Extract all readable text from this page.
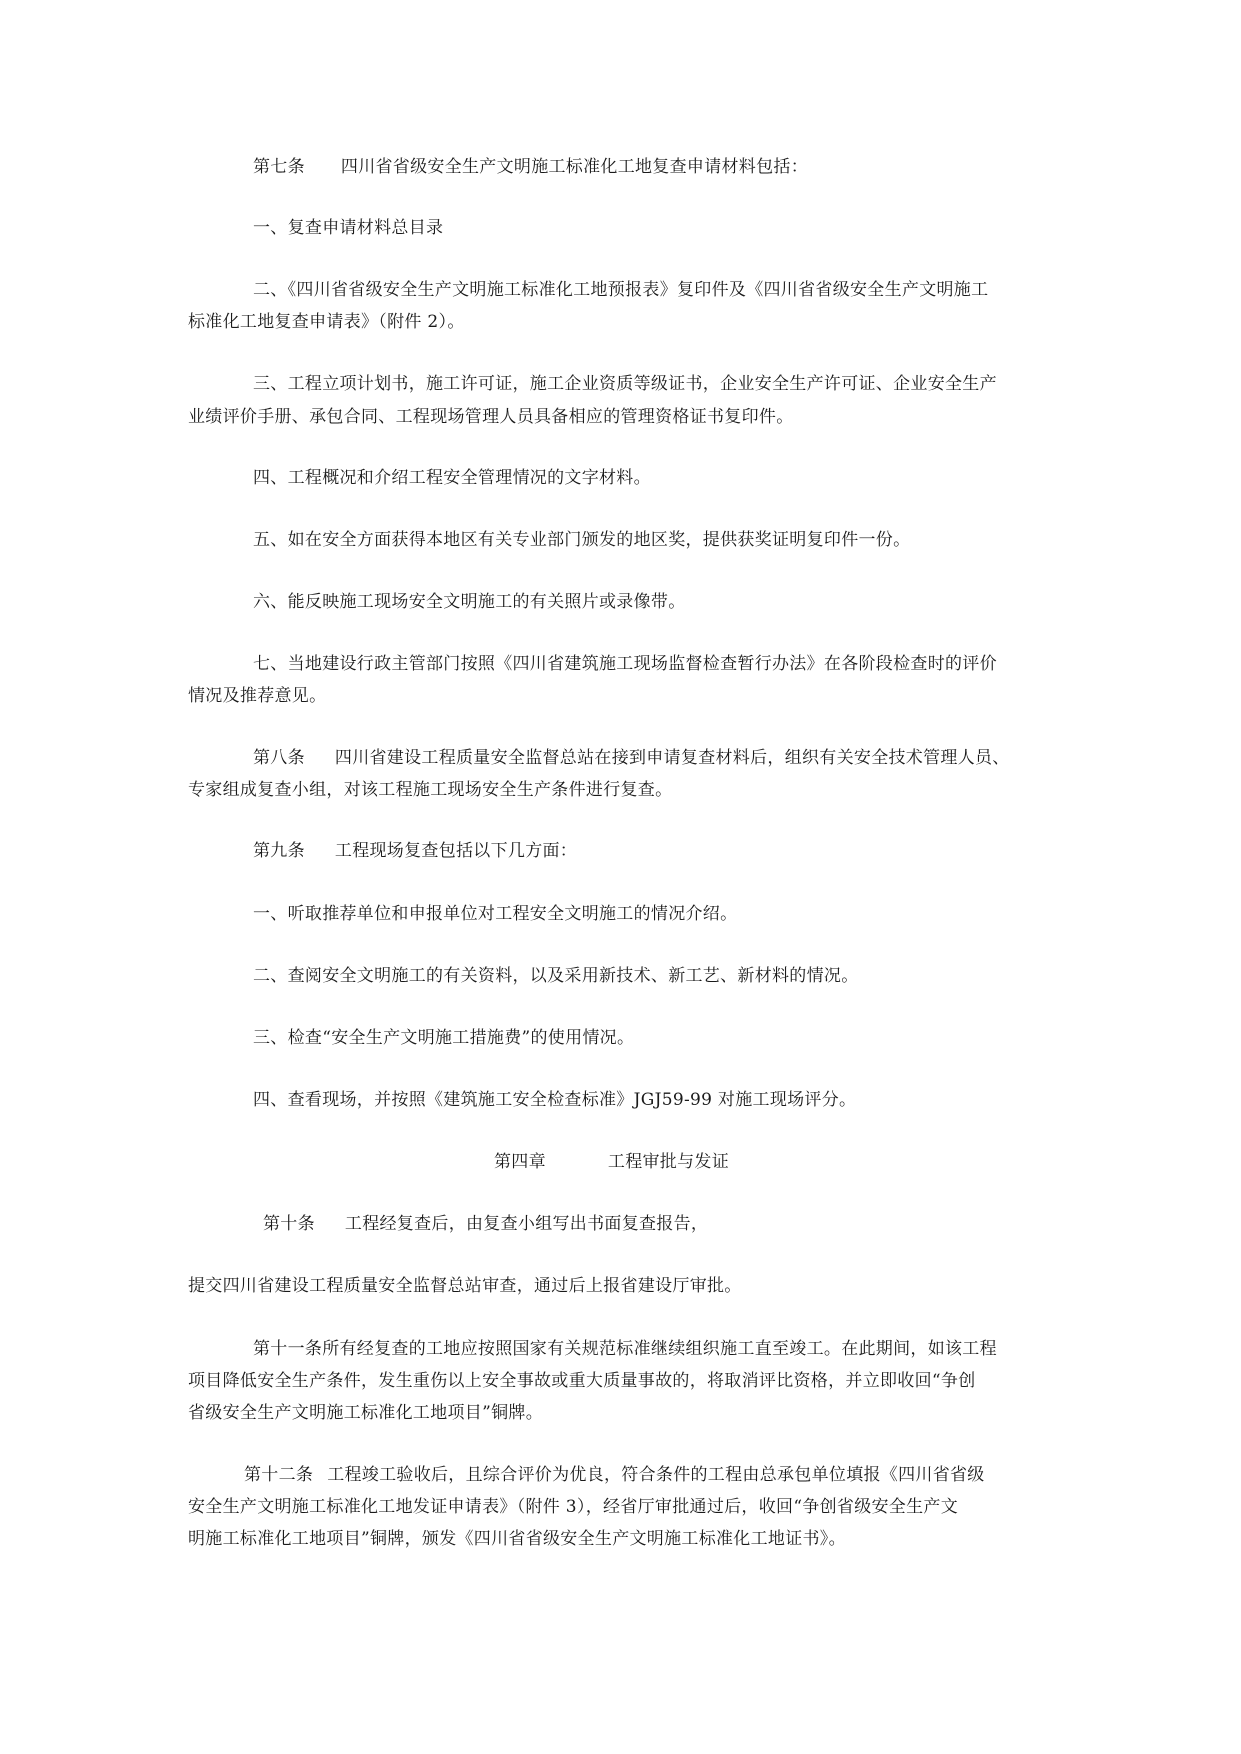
第七条 四川省省级安全生产文明施工标准化工地复查申请材料包括：
一、复查申请材料总目录
二、《四川省省级安全生产文明施工标准化工地预报表》复印件及《四川省省级安全生产文明施工
标准化工地复查申请表》（附件 2）。
三、工程立项计划书，施工许可证，施工企业资质等级证书，企业安全生产许可证、企业安全生产
业绩评价手册、承包合同、工程现场管理人员具备相应的管理资格证书复印件。
四、工程概况和介绍工程安全管理情况的文字材料。
五、如在安全方面获得本地区有关专业部门颁发的地区奖，提供获奖证明复印件一份。
六、能反映施工现场安全文明施工的有关照片或录像带。
七、当地建设行政主管部门按照《四川省建筑施工现场监督检查暂行办法》在各阶段检查时的评价
情况及推荐意见。
第八条 四川省建设工程质量安全监督总站在接到申请复查材料后，组织有关安全技术管理人员、
专家组成复查小组，对该工程施工现场安全生产条件进行复查。
第九条 工程现场复查包括以下几方面：
一、听取推荐单位和申报单位对工程安全文明施工的情况介绍。
二、查阅安全文明施工的有关资料，以及采用新技术、新工艺、新材料的情况。
三、检查“安全生产文明施工措施费”的使用情况。
四、查看现场，并按照《建筑施工安全检查标准》JGJ59-99 对施工现场评分。
第四章	工程审批与发证
第十条 工程经复查后，由复查小组写出书面复查报告，
提交四川省建设工程质量安全监督总站审查，通过后上报省建设厅审批。
第十一条所有经复查的工地应按照国家有关规范标准继续组织施工直至竣工。在此期间，如该工程
项目降低安全生产条件，发生重伤以上安全事故或重大质量事故的，将取消评比资格，并立即收回“争创
省级安全生产文明施工标准化工地项目”铜牌。
第十二条 工程竣工验收后，且综合评价为优良，符合条件的工程由总承包单位填报《四川省省级
安全生产文明施工标准化工地发证申请表》（附件 3），经省厅审批通过后，收回“争创省级安全生产文
明施工标准化工地项目”铜牌，颁发《四川省省级安全生产文明施工标准化工地证书》。
